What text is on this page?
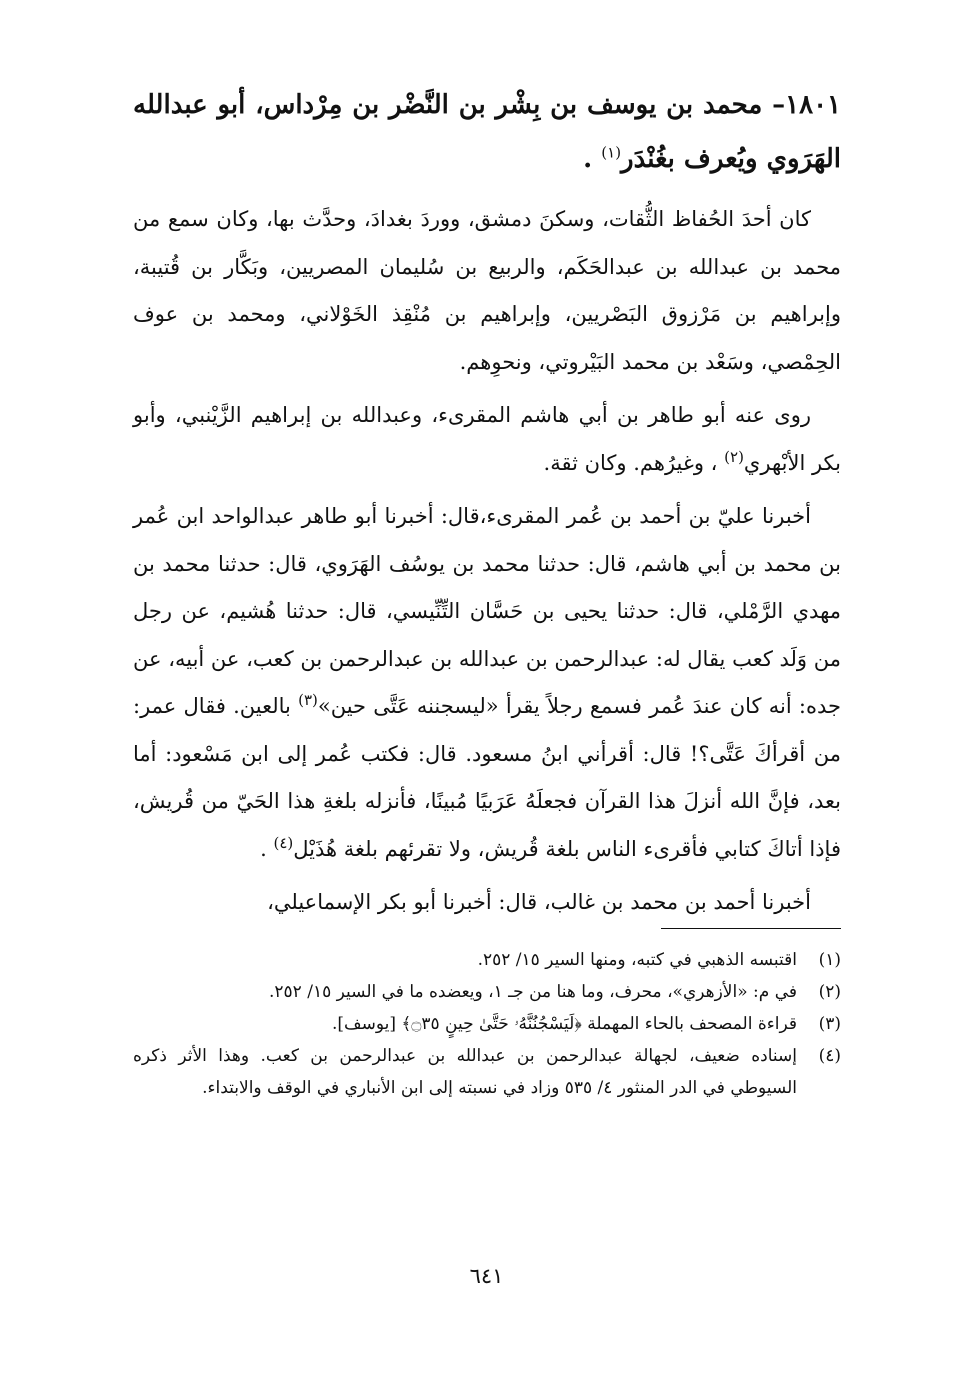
١٨٠١– محمد بن يوسف بن بِشْر بن النَّضْر بن مِرْداس، أبو عبدالله الهَرَوي ويُعرف بغُنْدَر$^{(١)}$ .

كان أحدَ الحُفاظ الثُّقات، وسكنَ دمشق، ووردَ بغدادَ، وحدَّث بها، وكان سمع من محمد بن عبدالله بن عبدالحَكَم، والربيع بن سُليمان المصريين، وبَكَّار بن قُتيبة، وإبراهيم بن مَرْزوق البَصْريين، وإبراهيم بن مُنْقِذ الخَوْلاني، ومحمد بن عوف الحِمْصي، وسَعْد بن محمد البَيْروتي، ونحوِهم.

روى عنه أبو طاهر بن أبي هاشم المقرىء، وعبدالله بن إبراهيم الزَّيْنبي، وأبو بكر الأبْهري$^{(٢)}$ ، وغيرُهم. وكان ثقة.

أخبرنا عليّ بن أحمد بن عُمر المقرىء،قال: أخبرنا أبو طاهر عبدالواحد ابن عُمر بن محمد بن أبي هاشم، قال: حدثنا محمد بن يوسُف الهَرَوي، قال: حدثنا محمد بن مهدي الرَّمْلي، قال: حدثنا يحيى بن حَسَّان التِّنِّيسي، قال: حدثنا هُشيم، عن رجل من وَلَد كعب يقال له: عبدالرحمن بن عبدالله بن عبدالرحمن بن كعب، عن أبيه، عن جده: أنه كان عندَ عُمر فسمع رجلاً يقرأ «ليسجننه عَتَّى حين»$^{(٣)}$ بالعين. فقال عمر: من أقرأكَ عَتَّى؟! قال: أقرأني ابنُ مسعود. قال: فكتب عُمر إلى ابن مَسْعود: أما بعد، فإنَّ الله أنزلَ هذا القرآن فجعلَهُ عَرَبيًا مُبينًا، فأنزله بلغةِ هذا الحَيّ من قُريش، فإذا أتاكَ كتابي فأقرىء الناس بلغة قُريش، ولا تقرئهم بلغة هُذَيْل$^{(٤)}$ .

أخبرنا أحمد بن محمد بن غالب، قال: أخبرنا أبو بكر الإسماعيلي،

(١)
اقتبسه الذهبي في كتبه، ومنها السير ١٥/ ٢٥٢.
(٢)
في م: «الأزهري»، محرف، وما هنا من جـ ١، ويعضده ما في السير ١٥/ ٢٥٢.
(٣)
قراءة المصحف بالحاء المهملة ﴿لَيَسْجُنُنَّهُۥ حَتَّىٰ حِينٍ ۝٣٥﴾ [يوسف].
(٤)
إسناده ضعيف، لجهالة عبدالرحمن بن عبدالله بن عبدالرحمن بن كعب. وهذا الأثر ذكره السيوطي في الدر المنثور ٤/ ٥٣٥ وزاد في نسبته إلى ابن الأنباري في الوقف والابتداء.
٦٤١
